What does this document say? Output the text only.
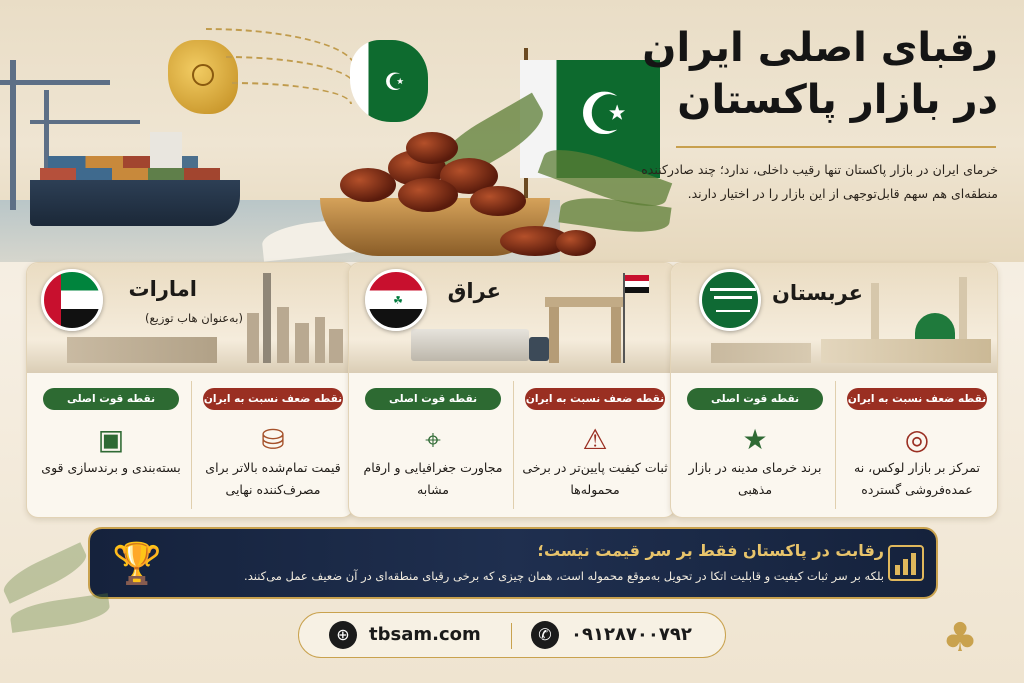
☪	☪
رقبای اصلی ایران
در بازار پاکستان
خرمای ایران در بازار پاکستان تنها رقیب داخلی، ندارد؛ چند صادرکننده منطقه‌ای هم سهم قابل‌توجهی از این بازار را در اختیار دارند.
امارات
(به‌عنوان هاب توزیع)
نقطه ضعف نسبت به ایران
⛁
قیمت تمام‌شده بالاتر برای مصرف‌کننده نهایی
نقطه قوت اصلی
▣
بسته‌بندی و برندسازی قوی
☘	عراق
نقطه ضعف نسبت به ایران
⚠
ثبات کیفیت پایین‌تر در برخی محموله‌ها
نقطه قوت اصلی
⌖
مجاورت جغرافیایی و ارقام مشابه
عربستان
نقطه ضعف نسبت به ایران
◎
تمرکز بر بازار لوکس، نه عمده‌فروشی گسترده
نقطه قوت اصلی
★
برند خرمای مدینه در بازار مذهبی
🏆	رقابت در پاکستان فقط بر سر قیمت نیست؛
بلکه بر سر ثبات کیفیت و قابلیت اتکا در تحویل به‌موقع محموله است، همان چیزی که برخی رقبای منطقه‌ای در آن ضعیف عمل می‌کنند.
⊕	tbsam.com	✆	۰۹۱۲۸۷۰۰۷۹۲	♣
